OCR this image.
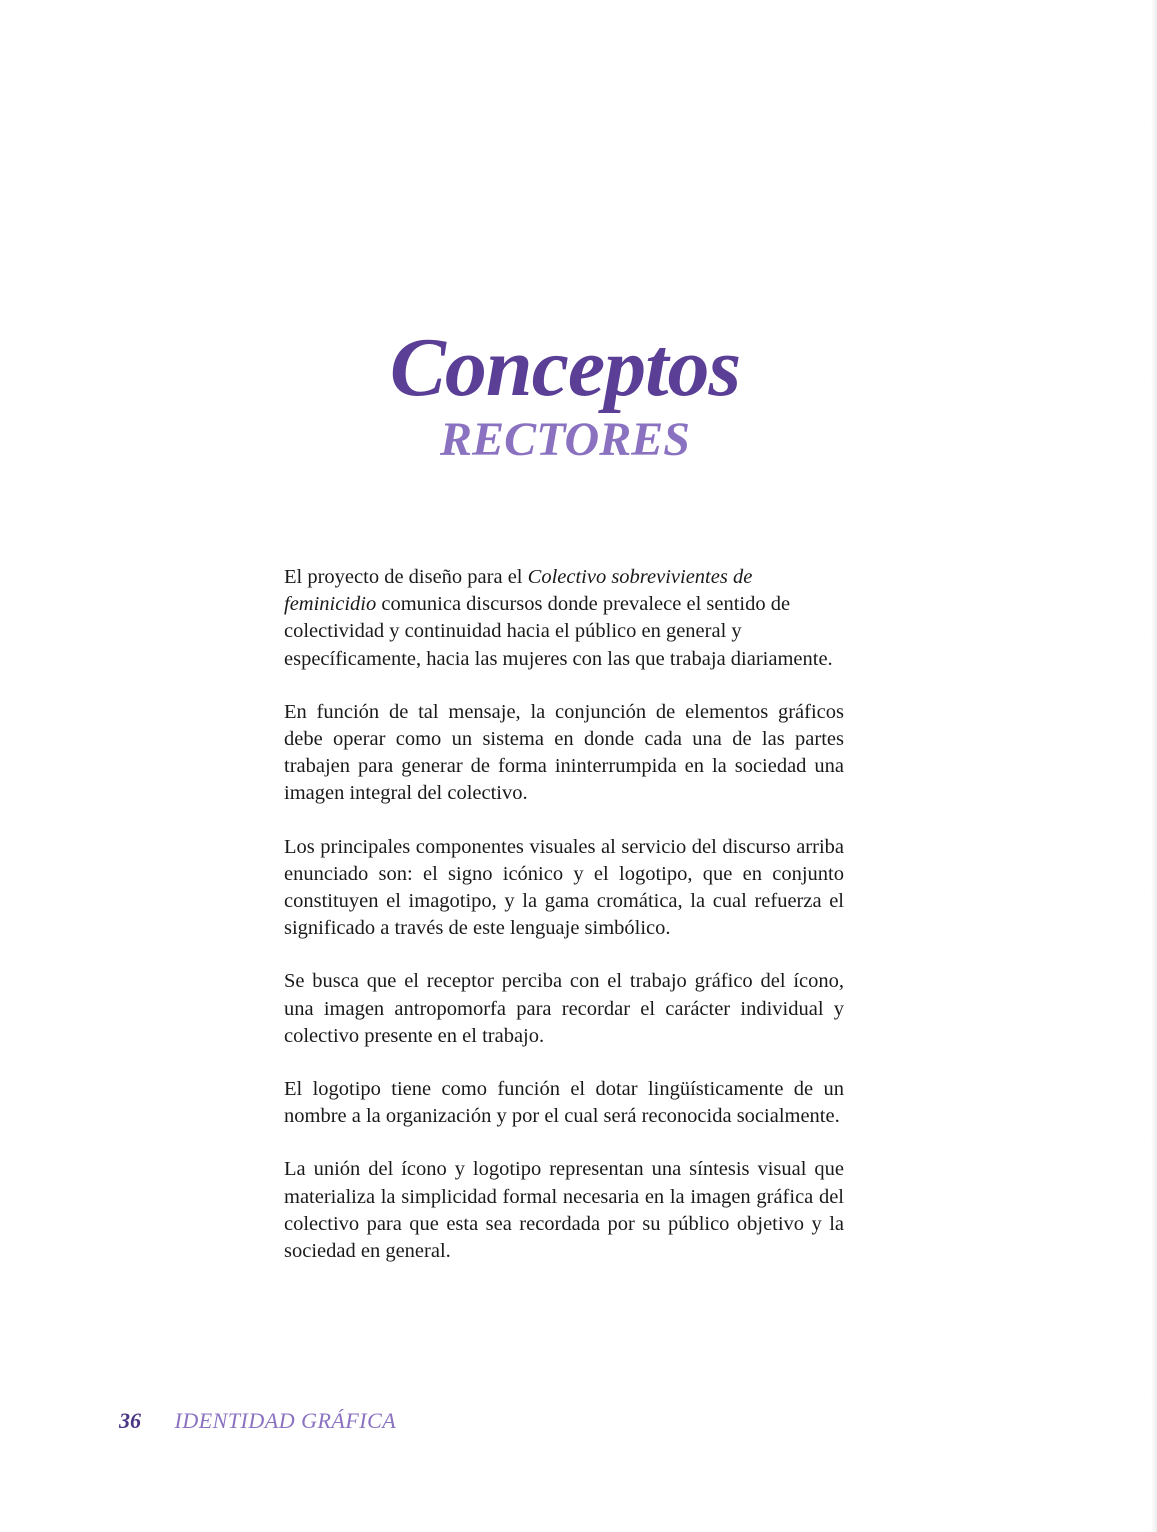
Conceptos
RECTORES

El proyecto de diseño para el Colectivo sobrevivientes de feminicidio comunica discursos donde prevalece el sentido de colectividad y continuidad hacia el público en general y específicamente, hacia las mujeres con las que trabaja diariamente.

En función de tal mensaje, la conjunción de elementos gráficos debe operar como un sistema en donde cada una de las partes trabajen para generar de forma ininterrumpida en la sociedad una imagen integral del colectivo.

Los principales componentes visuales al servicio del discurso arriba enunciado son: el signo icónico y el logotipo, que en conjunto constituyen el imagotipo, y la gama cromática, la cual refuerza el significado a través de este lenguaje simbólico.

Se busca que el receptor perciba con el trabajo gráfico del ícono, una imagen antropomorfa para recordar el carácter individual y colectivo presente en el trabajo.

El logotipo tiene como función el dotar lingüísticamente de un nombre a la organización y por el cual será reconocida socialmente.

La unión del ícono y logotipo representan una síntesis visual que materializa la simplicidad formal necesaria en la imagen gráfica del colectivo para que esta sea recordada por su público objetivo y la sociedad en general.

36 IDENTIDAD GRÁFICA
